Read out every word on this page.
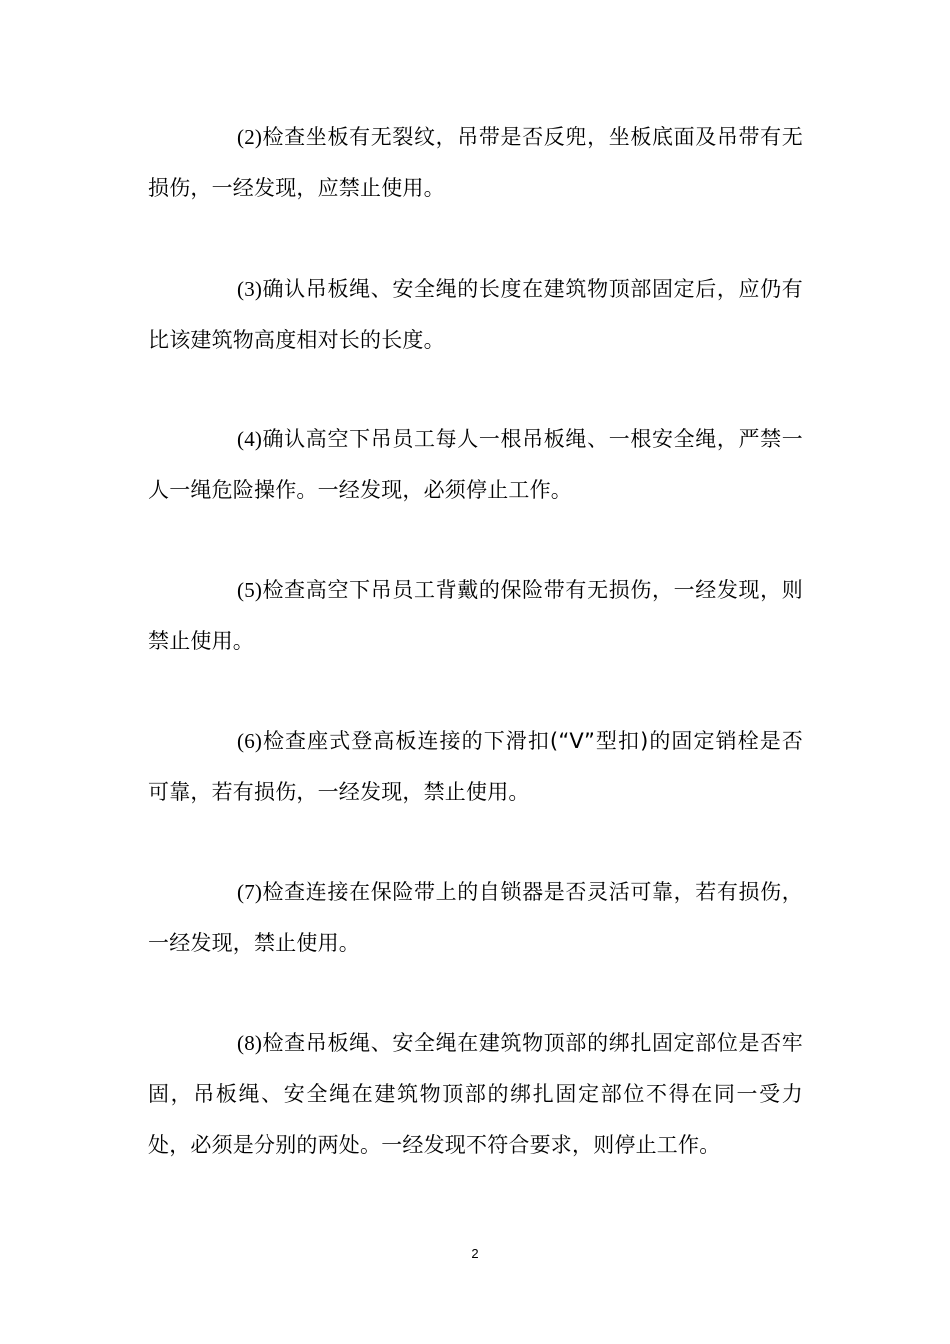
(2)检查坐板有无裂纹，吊带是否反兜，坐板底面及吊带有无损伤，一经发现，应禁止使用。

(3)确认吊板绳、安全绳的长度在建筑物顶部固定后，应仍有比该建筑物高度相对长的长度。

(4)确认高空下吊员工每人一根吊板绳、一根安全绳，严禁一人一绳危险操作。一经发现，必须停止工作。

(5)检查高空下吊员工背戴的保险带有无损伤，一经发现，则禁止使用。

(6)检查座式登高板连接的下滑扣(“V”型扣)的固定销栓是否可靠，若有损伤，一经发现，禁止使用。

(7)检查连接在保险带上的自锁器是否灵活可靠，若有损伤，一经发现，禁止使用。

(8)检查吊板绳、安全绳在建筑物顶部的绑扎固定部位是否牢固，吊板绳、安全绳在建筑物顶部的绑扎固定部位不得在同一受力处，必须是分别的两处。一经发现不符合要求，则停止工作。

2
